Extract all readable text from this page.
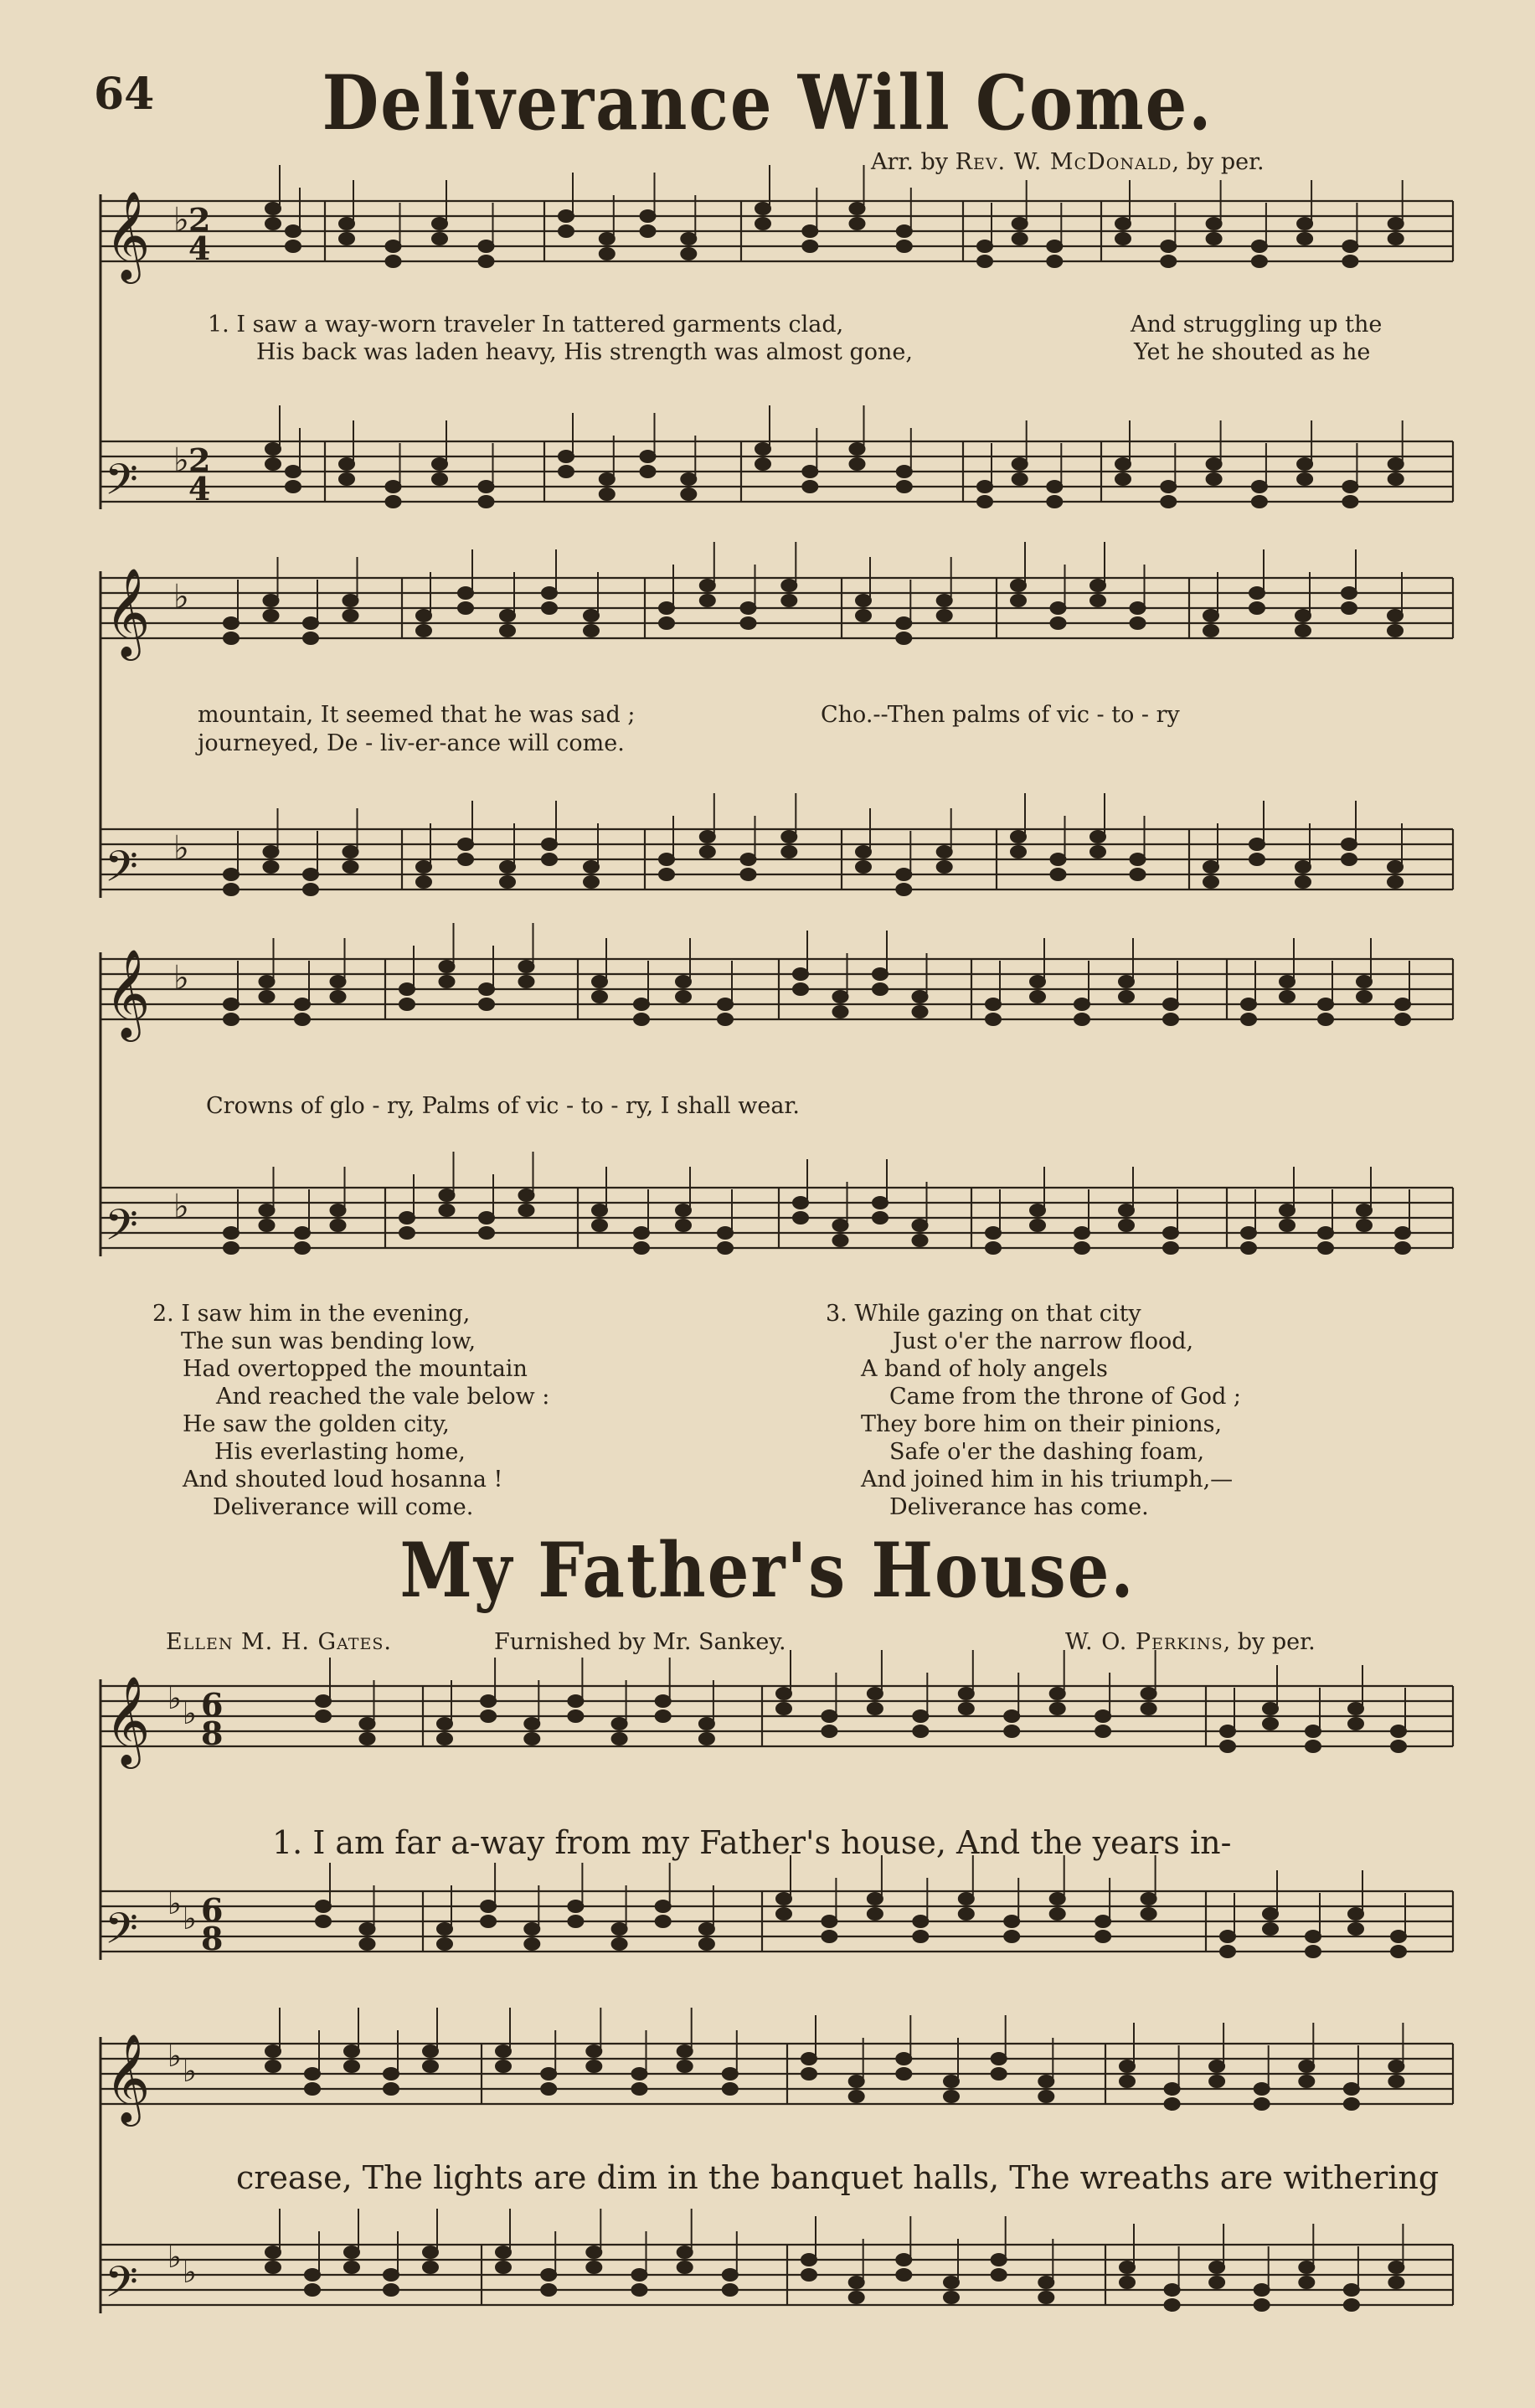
64	Deliverance Will Come.
Arr. by Rev. W. McDonald, by per.
𝄞
𝄢
𝄞
𝄢
𝄞
𝄢
𝄞
𝄢
𝄞
𝄢
♭ 2
4
♭ 2
4
♭
♭
♭
♭
♭ ♭ 6
8
♭ ♭ 6
8
♭ ♭
♭ ♭
1. I saw a way-worn traveler In tattered garments clad,	And struggling up the
His back was laden heavy, His strength was almost gone,	Yet he shouted as he
mountain, It seemed that he was sad ;	Cho.--Then palms of vic - to - ry
journeyed, De - liv-er-ance will come.
Crowns of glo - ry, Palms of vic - to - ry, I shall wear.
2. I saw him in the evening,
The sun was bending low,
Had overtopped the mountain
And reached the vale below :
He saw the golden city,
His everlasting home,
And shouted loud hosanna !
Deliverance will come.
3. While gazing on that city
Just o'er the narrow flood,
A band of holy angels
Came from the throne of God ;
They bore him on their pinions,
Safe o'er the dashing foam,
And joined him in his triumph,—
Deliverance has come.
My Father's House.
Ellen M. H. Gates.	Furnished by Mr. Sankey.	W. O. Perkins, by per.
1. I am far a-way from my Father's house, And the years in-
crease, The lights are dim in the banquet halls, The wreaths are withering
